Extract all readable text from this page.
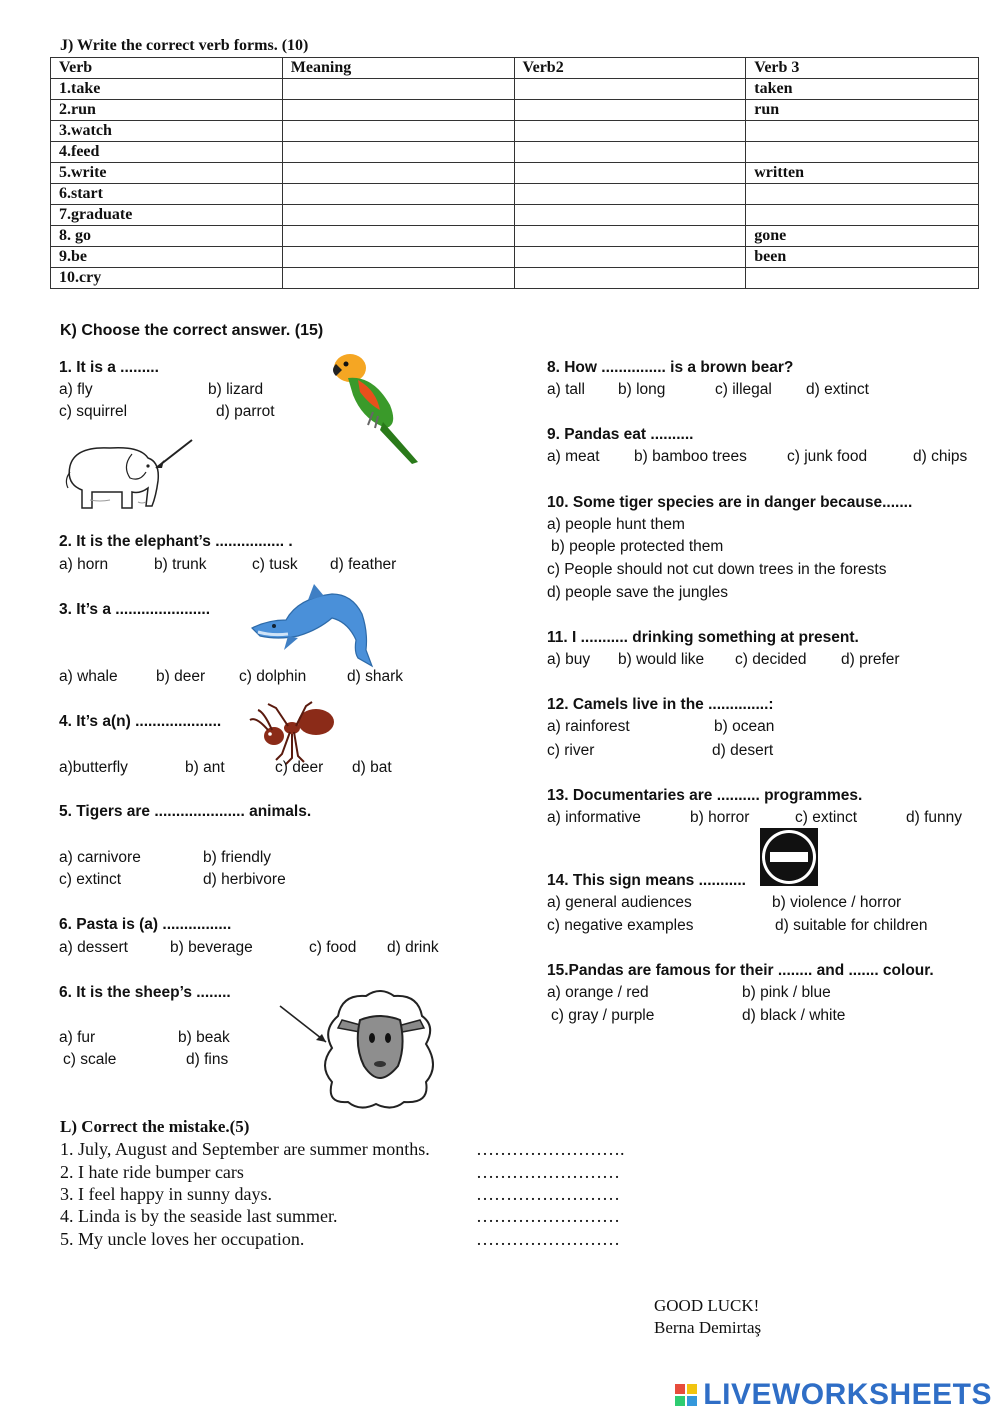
J) Write the correct verb forms. (10)
Verb	Meaning	Verb2	Verb 3
1.take			taken
2.run			run
3.watch			
4.feed			
5.write			written
6.start			
7.graduate			
8. go			gone
9.be			been
10.cry			
K) Choose the correct answer. (15)
1. It is a .........
a) fly	b) lizard
c) squirrel	d) parrot
2. It is the elephant’s ................ .
a) horn	b) trunk	c) tusk d) feather
3. It’s a ......................
a) whale b) deer c) dolphin	d) shark
4. It’s a(n) ....................
a)butterfly	b) ant	c) deer d) bat
5. Tigers are ..................... animals.
a) carnivore	b) friendly
c) extinct	d) herbivore
6. Pasta is (a) ................
a) dessert	b) beverage	c) food d) drink
6. It is the sheep’s ........
a) fur	b) beak
c) scale	d) fins
8. How ............... is a brown bear?
a) tall b) long	c) illegal d) extinct
9. Pandas eat ..........
a) meat b) bamboo trees	c) junk food	d) chips
10. Some tiger species are in danger because.......
a) people hunt them
b) people protected them
c) People should not cut down trees in the forests
d) people save the jungles
11. I ........... drinking something at present.
a) buy b) would like c) decided d) prefer
12. Camels live in the ..............:
a) rainforest	b) ocean
c) river	d) desert
13. Documentaries are .......... programmes.
a) informative	b) horror	c) extinct	d) funny
14. This sign means ...........
a) general audiences	b) violence / horror
c) negative examples	d) suitable for children
15.Pandas are famous for their ........ and ....... colour.
a) orange / red	b) pink / blue
c) gray / purple	d) black / white
L) Correct the mistake.(5)
1. July, August and September are summer months.	…………………….
2. I hate ride bumper cars	……………………
3. I feel happy in sunny days.	……………………
4. Linda is by the seaside last summer.	……………………
5. My uncle loves her occupation.	……………………
GOOD LUCK!
Berna Demirtaş
LIVEWORKSHEETS
